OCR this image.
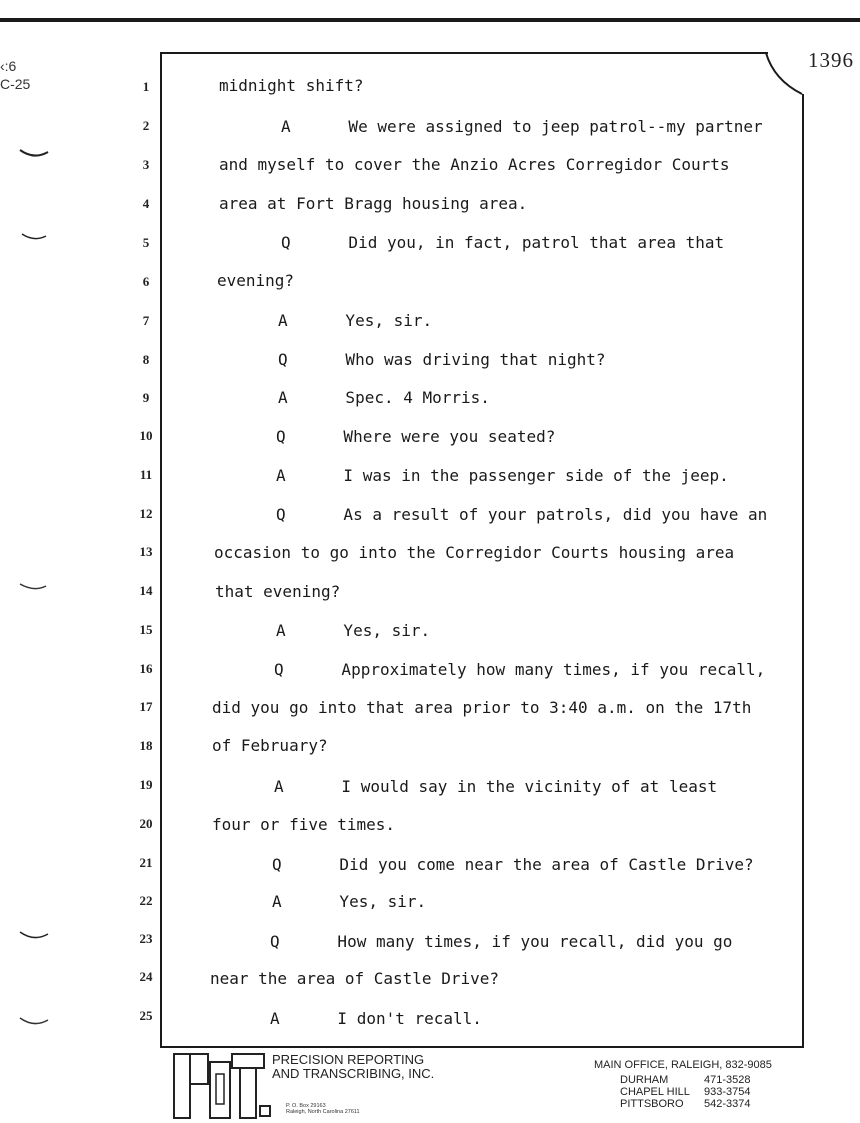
‹:6
C-25
1396
1
2
3
4
5
6
7
8
9
10
11
12
13
14
15
16
17
18
19
20
21
22
23
24
25
midnight shift?
A      We were assigned to jeep patrol--my partner
and myself to cover the Anzio Acres Corregidor Courts
area at Fort Bragg housing area.
Q      Did you, in fact, patrol that area that
evening?
A      Yes, sir.
Q      Who was driving that night?
A      Spec. 4 Morris.
Q      Where were you seated?
A      I was in the passenger side of the jeep.
Q      As a result of your patrols, did you have an
occasion to go into the Corregidor Courts housing area
that evening?
A      Yes, sir.
Q      Approximately how many times, if you recall,
did you go into that area prior to 3:40 a.m. on the 17th
of February?
A      I would say in the vicinity of at least
four or five times.
Q      Did you come near the area of Castle Drive?
A      Yes, sir.
Q      How many times, if you recall, did you go
near the area of Castle Drive?
A      I don't recall.
PRECISION REPORTING
AND TRANSCRIBING, INC.
P. O. Box 29163
Raleigh, North Carolina 27611
MAIN OFFICE, RALEIGH, 832-9085
DURHAM	471-3528
CHAPEL HILL	933-3754
PITTSBORO	542-3374
